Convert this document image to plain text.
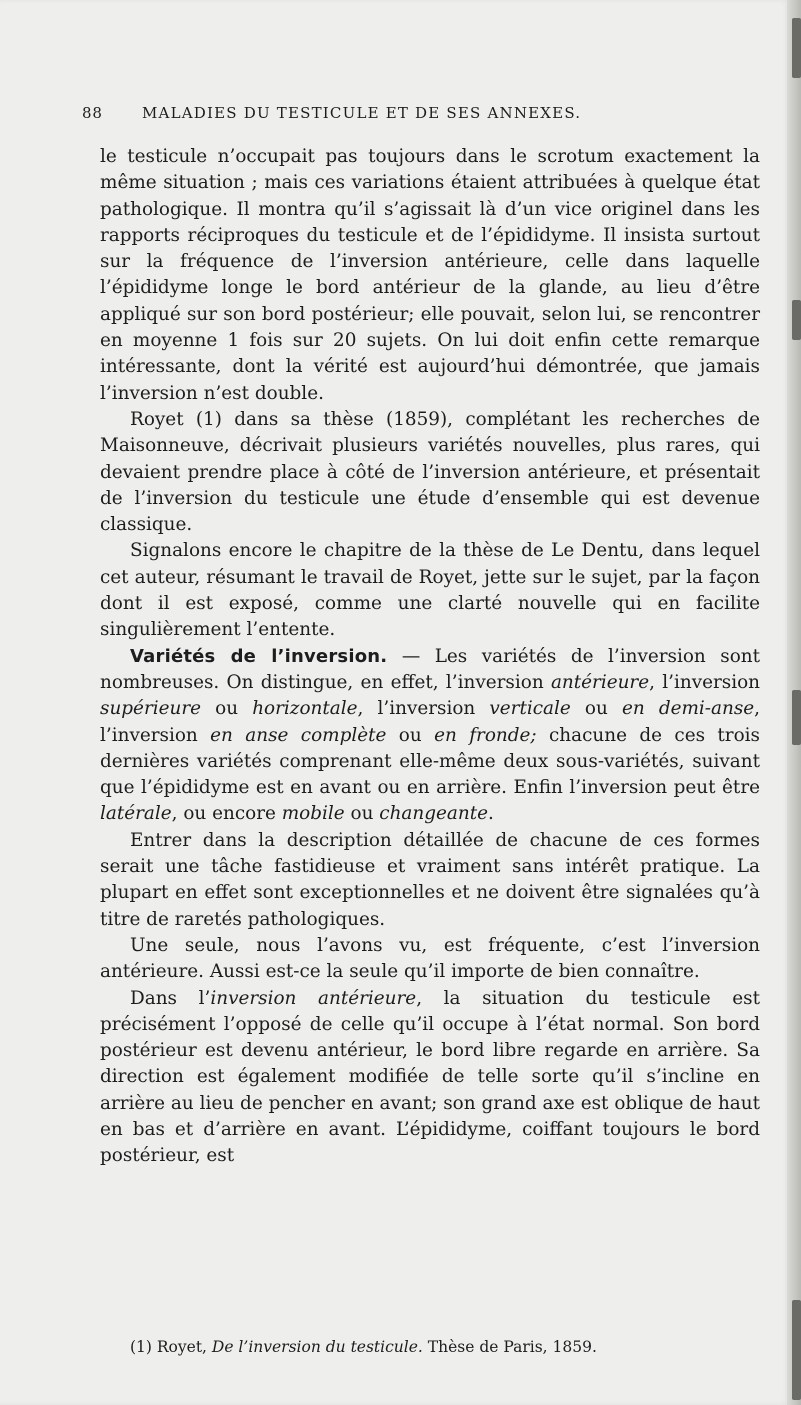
88	MALADIES DU TESTICULE ET DE SES ANNEXES.

le testicule n’occupait pas toujours dans le scrotum exactement la même situation ; mais ces variations étaient attribuées à quelque état pathologique. Il montra qu’il s’agissait là d’un vice originel dans les rapports réciproques du testicule et de l’épididyme. Il insista surtout sur la fréquence de l’inversion antérieure, celle dans laquelle l’épididyme longe le bord antérieur de la glande, au lieu d’être appliqué sur son bord postérieur; elle pouvait, selon lui, se rencontrer en moyenne 1 fois sur 20 sujets. On lui doit enfin cette remarque intéressante, dont la vérité est aujourd’hui démontrée, que jamais l’inversion n’est double.

Royet (1) dans sa thèse (1859), complétant les recherches de Maisonneuve, décrivait plusieurs variétés nouvelles, plus rares, qui devaient prendre place à côté de l’inversion antérieure, et présentait de l’inversion du testicule une étude d’ensemble qui est devenue classique.

Signalons encore le chapitre de la thèse de Le Dentu, dans lequel cet auteur, résumant le travail de Royet, jette sur le sujet, par la façon dont il est exposé, comme une clarté nouvelle qui en facilite singulièrement l’entente.

Variétés de l’inversion. — Les variétés de l’inversion sont nombreuses. On distingue, en effet, l’inversion antérieure, l’inversion supérieure ou horizontale, l’inversion verticale ou en demi-anse, l’inversion en anse complète ou en fronde; chacune de ces trois dernières variétés comprenant elle-même deux sous-variétés, suivant que l’épididyme est en avant ou en arrière. Enfin l’inversion peut être latérale, ou encore mobile ou changeante.

Entrer dans la description détaillée de chacune de ces formes serait une tâche fastidieuse et vraiment sans intérêt pratique. La plupart en effet sont exceptionnelles et ne doivent être signalées qu’à titre de raretés pathologiques.

Une seule, nous l’avons vu, est fréquente, c’est l’inversion antérieure. Aussi est-ce la seule qu’il importe de bien connaître.

Dans l’inversion antérieure, la situation du testicule est précisément l’opposé de celle qu’il occupe à l’état normal. Son bord postérieur est devenu antérieur, le bord libre regarde en arrière. Sa direction est également modifiée de telle sorte qu’il s’incline en arrière au lieu de pencher en avant; son grand axe est oblique de haut en bas et d’arrière en avant. L’épididyme, coiffant toujours le bord postérieur, est

(1) Royet, De l’inversion du testicule. Thèse de Paris, 1859.
